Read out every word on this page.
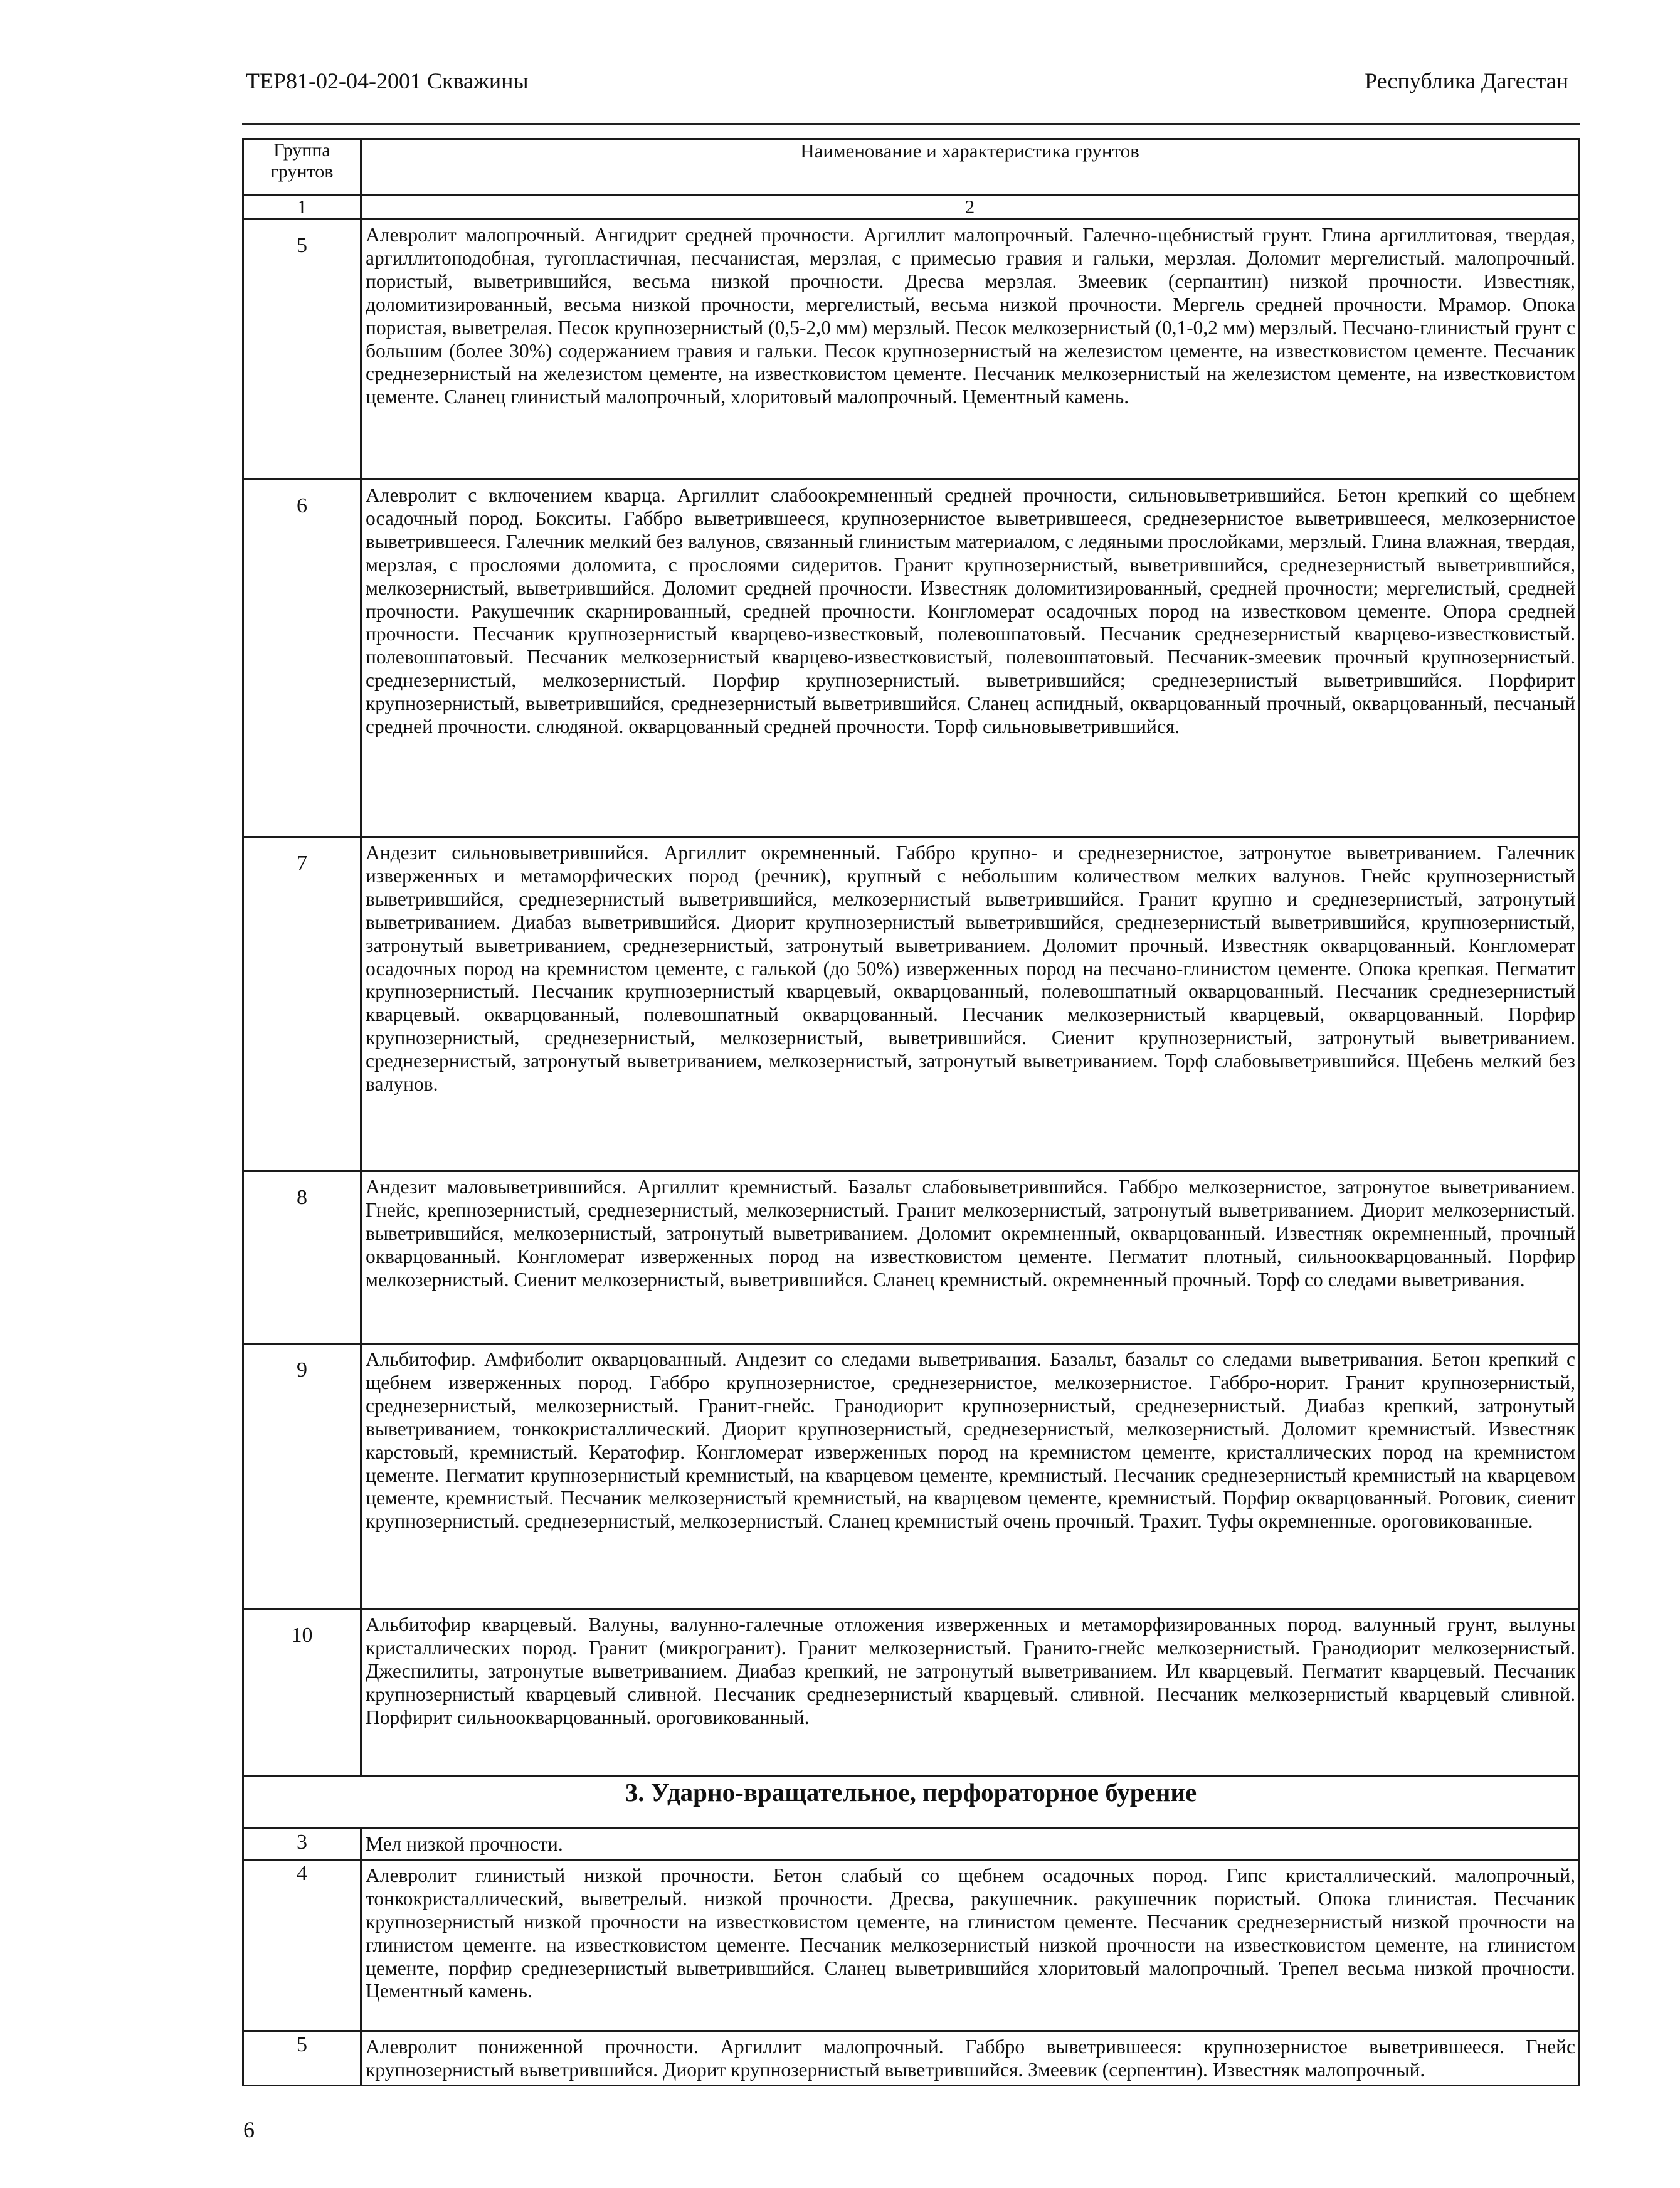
ТЕР81-02-04-2001 Скважины	Республика Дагестан
Группа грунтов	Наименование и характеристика грунтов
1	2
5	Алевролит малопрочный. Ангидрит средней прочности. Аргиллит малопрочный. Галечно-щебнистый грунт. Глина аргиллитовая, твердая, аргиллитоподобная, тугопластичная, песчанистая, мерзлая, с примесью гравия и гальки, мерзлая. Доломит мергелистый. малопрочный. пористый, выветрившийся, весьма низкой прочности. Дресва мерзлая. Змеевик (серпантин) низкой прочности. Известняк, доломитизированный, весьма низкой прочности, мергелистый, весьма низкой прочности. Мергель средней прочности. Мрамор. Опока пористая, выветрелая. Песок крупнозернистый (0,5-2,0 мм) мерзлый. Песок мелкозернистый (0,1-0,2 мм) мерзлый. Песчано-глинистый грунт с большим (более 30%) содержанием гравия и гальки. Песок крупнозернистый на железистом цементе, на известковистом цементе. Песчаник среднезернистый на железистом цементе, на известковистом цементе. Песчаник мелкозернистый на железистом цементе, на известковистом цементе. Сланец глинистый малопрочный, хлоритовый малопрочный. Цементный камень.
6	Алевролит с включением кварца. Аргиллит слабоокремненный средней прочности, сильновыветрившийся. Бетон крепкий со щебнем осадочный пород. Бокситы. Габбро выветрившееся, крупнозернистое выветрившееся, среднезернистое выветрившееся, мелкозернистое выветрившееся. Галечник мелкий без валунов, связанный глинистым материалом, с ледяными прослойками, мерзлый. Глина влажная, твердая, мерзлая, с прослоями доломита, с прослоями сидеритов. Гранит крупнозернистый, выветрившийся, среднезернистый выветрившийся, мелкозернистый, выветрившийся. Доломит средней прочности. Известняк доломитизированный, средней прочности; мергелистый, средней прочности. Ракушечник скарнированный, средней прочности. Конгломерат осадочных пород на известковом цементе. Опора средней прочности. Песчаник крупнозернистый кварцево-известковый, полевошпатовый. Песчаник среднезернистый кварцево-известковистый. полевошпатовый. Песчаник мелкозернистый кварцево-известковистый, полевошпатовый. Песчаник-змеевик прочный крупнозернистый. среднезернистый, мелкозернистый. Порфир крупнозернистый. выветрившийся; среднезернистый выветрившийся. Порфирит крупнозернистый, выветрившийся, среднезернистый выветрившийся. Сланец аспидный, окварцованный прочный, окварцованный, песчаный средней прочности. слюдяной. окварцованный средней прочности. Торф сильновыветрившийся.
7	Андезит сильновыветрившийся. Аргиллит окремненный. Габбро крупно- и среднезернистое, затронутое выветриванием. Галечник изверженных и метаморфических пород (речник), крупный с небольшим количеством мелких валунов. Гнейс крупнозернистый выветрившийся, среднезернистый выветрившийся, мелкозернистый выветрившийся. Гранит крупно и среднезернистый, затронутый выветриванием. Диабаз выветрившийся. Диорит крупнозернистый выветрившийся, среднезернистый выветрившийся, крупнозернистый, затронутый выветриванием, среднезернистый, затронутый выветриванием. Доломит прочный. Известняк окварцованный. Конгломерат осадочных пород на кремнистом цементе, с галькой (до 50%) изверженных пород на песчано-глинистом цементе. Опока крепкая. Пегматит крупнозернистый. Песчаник крупнозернистый кварцевый, окварцованный, полевошпатный окварцованный. Песчаник среднезернистый кварцевый. окварцованный, полевошпатный окварцованный. Песчаник мелкозернистый кварцевый, окварцованный. Порфир крупнозернистый, среднезернистый, мелкозернистый, выветрившийся. Сиенит крупнозернистый, затронутый выветриванием. среднезернистый, затронутый выветриванием, мелкозернистый, затронутый выветриванием. Торф слабовыветрившийся. Щебень мелкий без валунов.
8	Андезит маловыветрившийся. Аргиллит кремнистый. Базальт слабовыветрившийся. Габбро мелкозернистое, затронутое выветриванием. Гнейс, крепнозернистый, среднезернистый, мелкозернистый. Гранит мелкозернистый, затронутый выветриванием. Диорит мелкозернистый. выветрившийся, мелкозернистый, затронутый выветриванием. Доломит окремненный, окварцованный. Известняк окремненный, прочный окварцованный. Конгломерат изверженных пород на известковистом цементе. Пегматит плотный, сильноокварцованный. Порфир мелкозернистый. Сиенит мелкозернистый, выветрившийся. Сланец кремнистый. окремненный прочный. Торф со следами выветривания.
9	Альбитофир. Амфиболит окварцованный. Андезит со следами выветривания. Базальт, базальт со следами выветривания. Бетон крепкий с щебнем изверженных пород. Габбро крупнозернистое, среднезернистое, мелкозернистое. Габбро-норит. Гранит крупнозернистый, среднезернистый, мелкозернистый. Гранит-гнейс. Гранодиорит крупнозернистый, среднезернистый. Диабаз крепкий, затронутый выветриванием, тонкокристаллический. Диорит крупнозернистый, среднезернистый, мелкозернистый. Доломит кремнистый. Известняк карстовый, кремнистый. Кератофир. Конгломерат изверженных пород на кремнистом цементе, кристаллических пород на кремнистом цементе. Пегматит крупнозернистый кремнистый, на кварцевом цементе, кремнистый. Песчаник среднезернистый кремнистый на кварцевом цементе, кремнистый. Песчаник мелкозернистый кремнистый, на кварцевом цементе, кремнистый. Порфир окварцованный. Роговик, сиенит крупнозернистый. среднезернистый, мелкозернистый. Сланец кремнистый очень прочный. Трахит. Туфы окремненные. ороговикованные.
10	Альбитофир кварцевый. Валуны, валунно-галечные отложения изверженных и метаморфизированных пород. валунный грунт, вылуны кристаллических пород. Гранит (микрогранит). Гранит мелкозернистый. Гранито-гнейс мелкозернистый. Гранодиорит мелкозернистый. Джеспилиты, затронутые выветриванием. Диабаз крепкий, не затронутый выветриванием. Ил кварцевый. Пегматит кварцевый. Песчаник крупнозернистый кварцевый сливной. Песчаник среднезернистый кварцевый. сливной. Песчаник мелкозернистый кварцевый сливной. Порфирит сильноокварцованный. ороговикованный.
3. Ударно-вращательное, перфораторное бурение	
3	Мел низкой прочности.
4	Алевролит глинистый низкой прочности. Бетон слабый со щебнем осадочных пород. Гипс кристаллический. малопрочный, тонкокристаллический, выветрелый. низкой прочности. Дресва, ракушечник. ракушечник пористый. Опока глинистая. Песчаник крупнозернистый низкой прочности на известковистом цементе, на глинистом цементе. Песчаник среднезернистый низкой прочности на глинистом цементе. на известковистом цементе. Песчаник мелкозернистый низкой прочности на известковистом цементе, на глинистом цементе, порфир среднезернистый выветрившийся. Сланец выветрившийся хлоритовый малопрочный. Трепел весьма низкой прочности. Цементный камень.
5	Алевролит пониженной прочности. Аргиллит малопрочный. Габбро выветрившееся: крупнозернистое выветрившееся. Гнейс крупнозернистый выветрившийся. Диорит крупнозернистый выветрившийся. Змеевик (серпентин). Известняк малопрочный.
6
